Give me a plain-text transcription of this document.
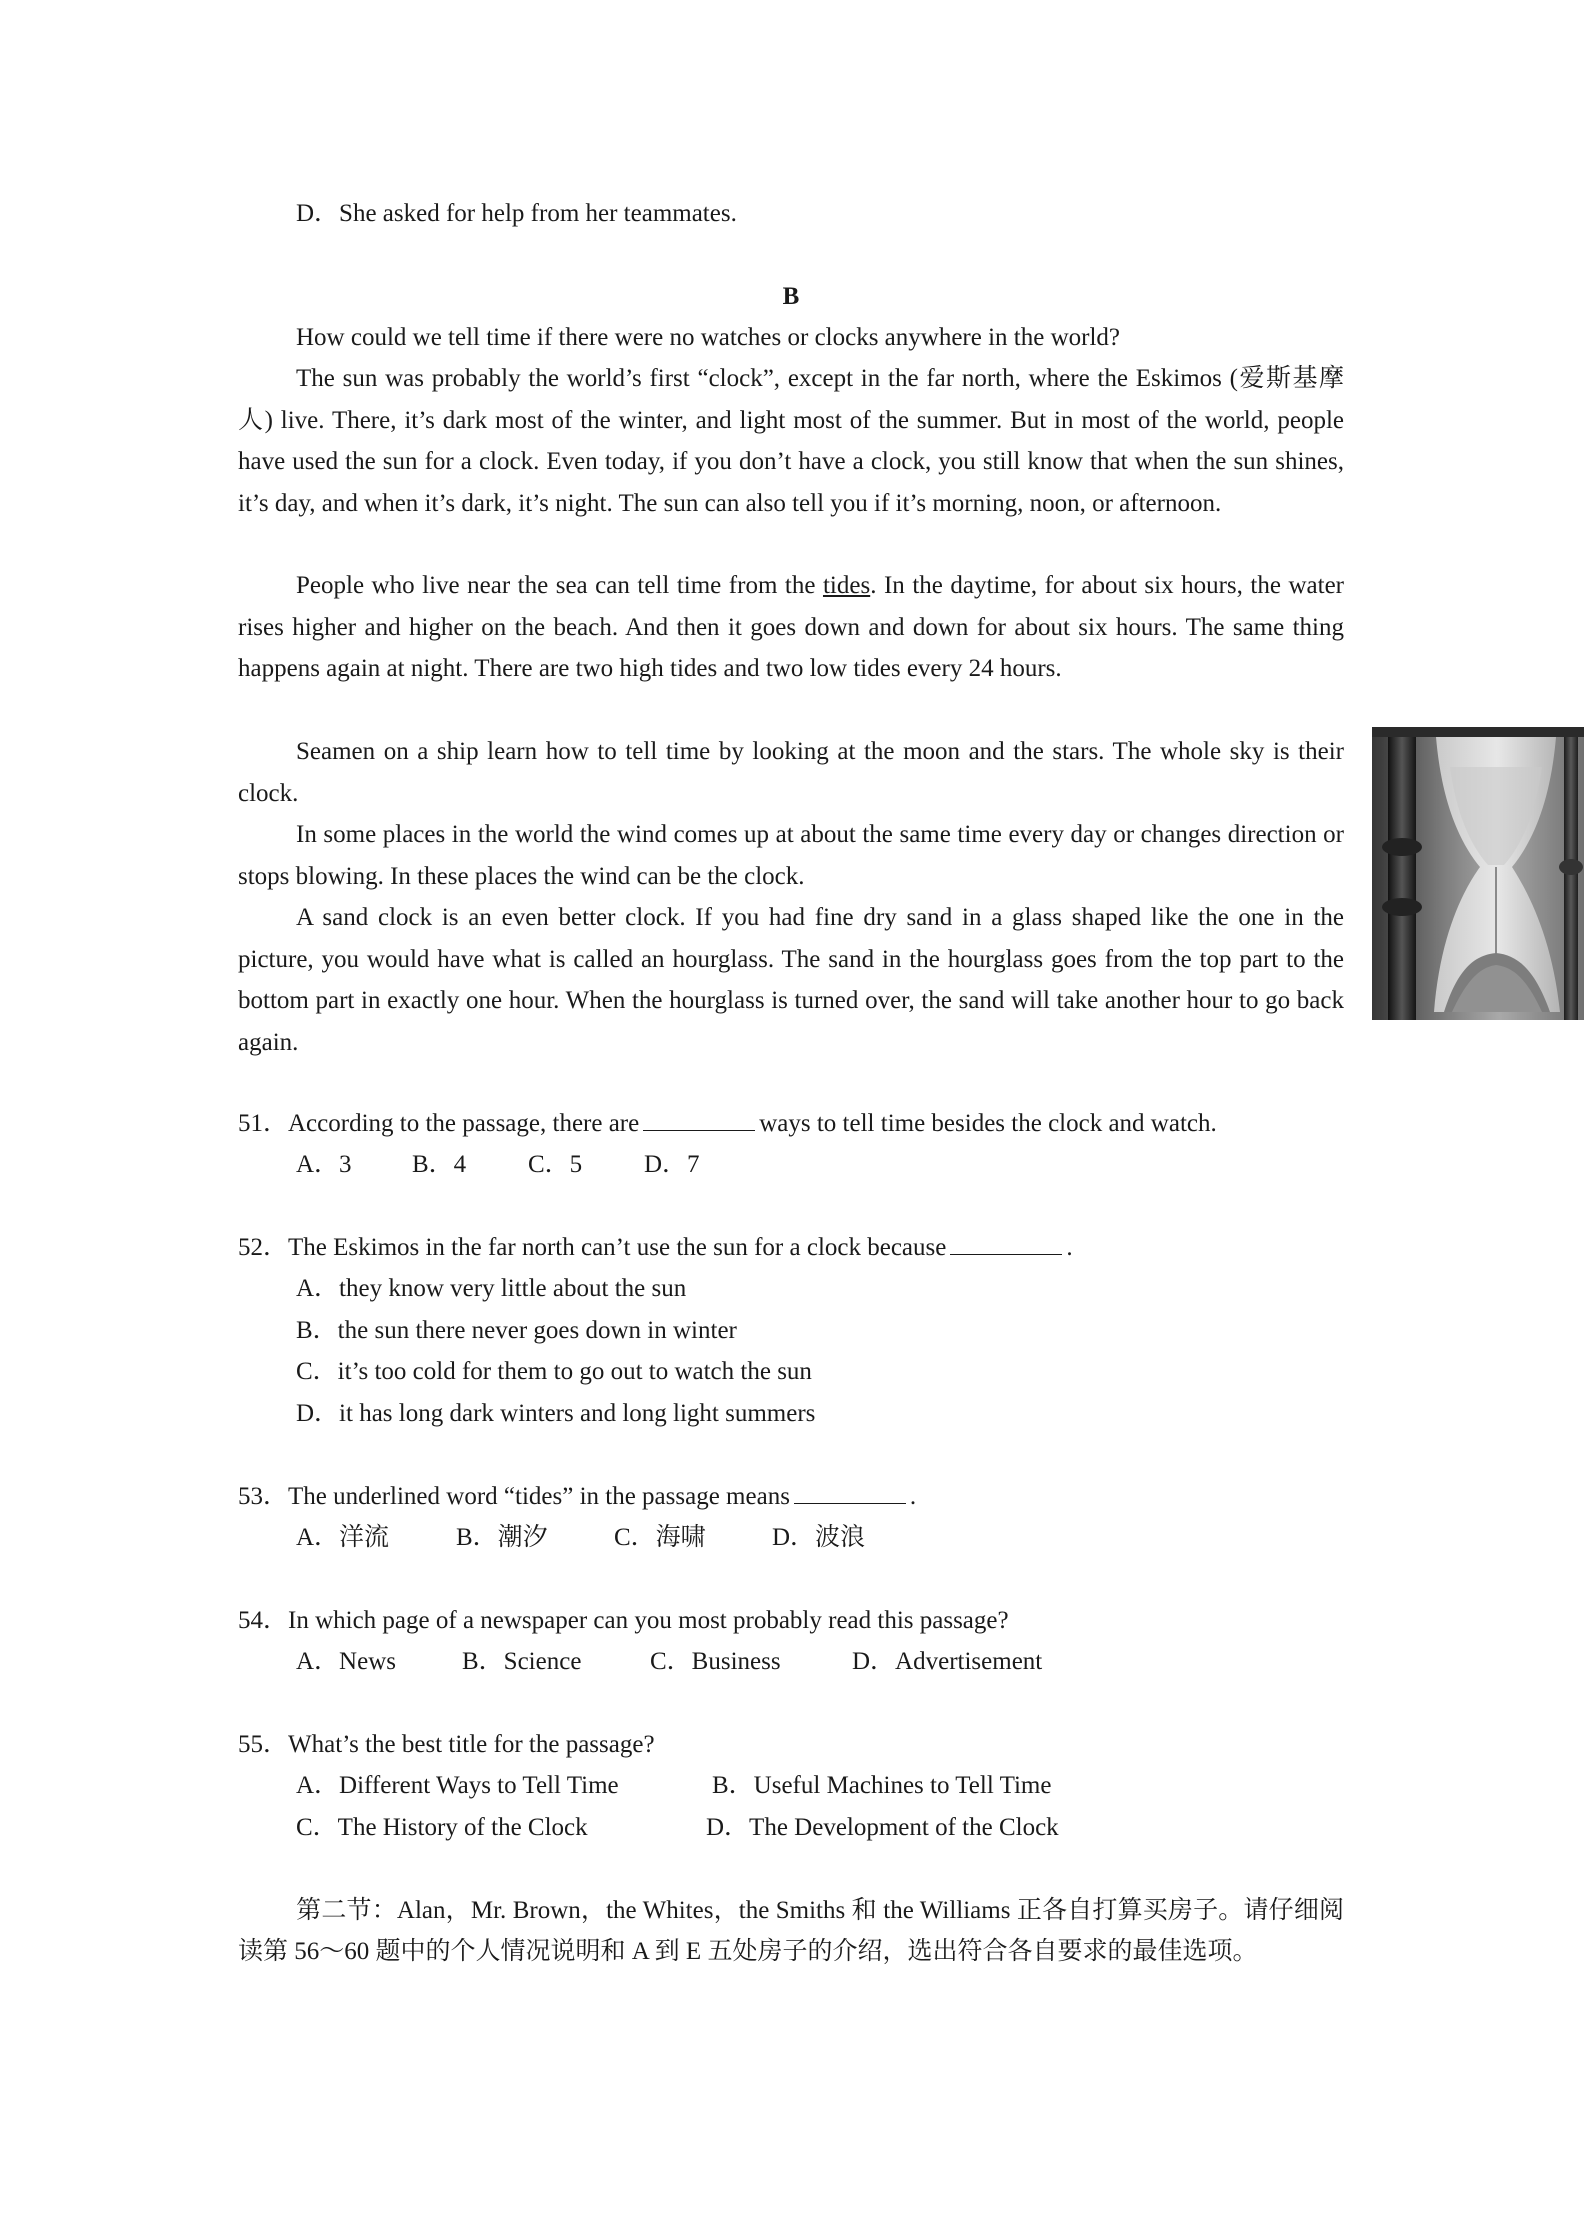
D．She asked for help from her teammates.
B
How could we tell time if there were no watches or clocks anywhere in the world?
The sun was probably the world’s first “clock”, except in the far north, where the Eskimos (爱斯基摩人) live. There, it’s dark most of the winter, and light most of the summer. But in most of the world, people have used the sun for a clock. Even today, if you don’t have a clock, you still know that when the sun shines, it’s day, and when it’s dark, it’s night. The sun can also tell you if it’s morning, noon, or afternoon.
People who live near the sea can tell time from the tides. In the daytime, for about six hours, the water rises higher and higher on the beach. And then it goes down and down for about six hours. The same thing happens again at night. There are two high tides and two low tides every 24 hours.
Seamen on a ship learn how to tell time by looking at the moon and the stars. The whole sky is their clock.
In some places in the world the wind comes up at about the same time every day or changes direction or stops blowing. In these places the wind can be the clock.
A sand clock is an even better clock. If you had fine dry sand in a glass shaped like the one in the picture, you would have what is called an hourglass. The sand in the hourglass goes from the top part to the bottom part in exactly one hour. When the hourglass is turned over, the sand will take another hour to go back again.
51．According to the passage, there are	ways to tell time besides the clock and watch.
A．3 B．4 C．5 D．7
52．The Eskimos in the far north can’t use the sun for a clock because	.
A．they know very little about the sun
B．the sun there never goes down in winter
C．it’s too cold for them to go out to watch the sun
D．it has long dark winters and long light summers
53．The underlined word “tides” in the passage means	.
A．洋流	B．潮汐	C．海啸	D．波浪
54．In which page of a newspaper can you most probably read this passage?
A．News	B．Science	C．Business	D．Advertisement
55．What’s the best title for the passage?
A．Different Ways to Tell Time	B．Useful Machines to Tell Time
C．The History of the Clock	D．The Development of the Clock
第二节：Alan，Mr. Brown，the Whites，the Smiths 和 the Williams 正各自打算买房子。请仔细阅读第 56～60 题中的个人情况说明和 A 到 E 五处房子的介绍，选出符合各自要求的最佳选项。
